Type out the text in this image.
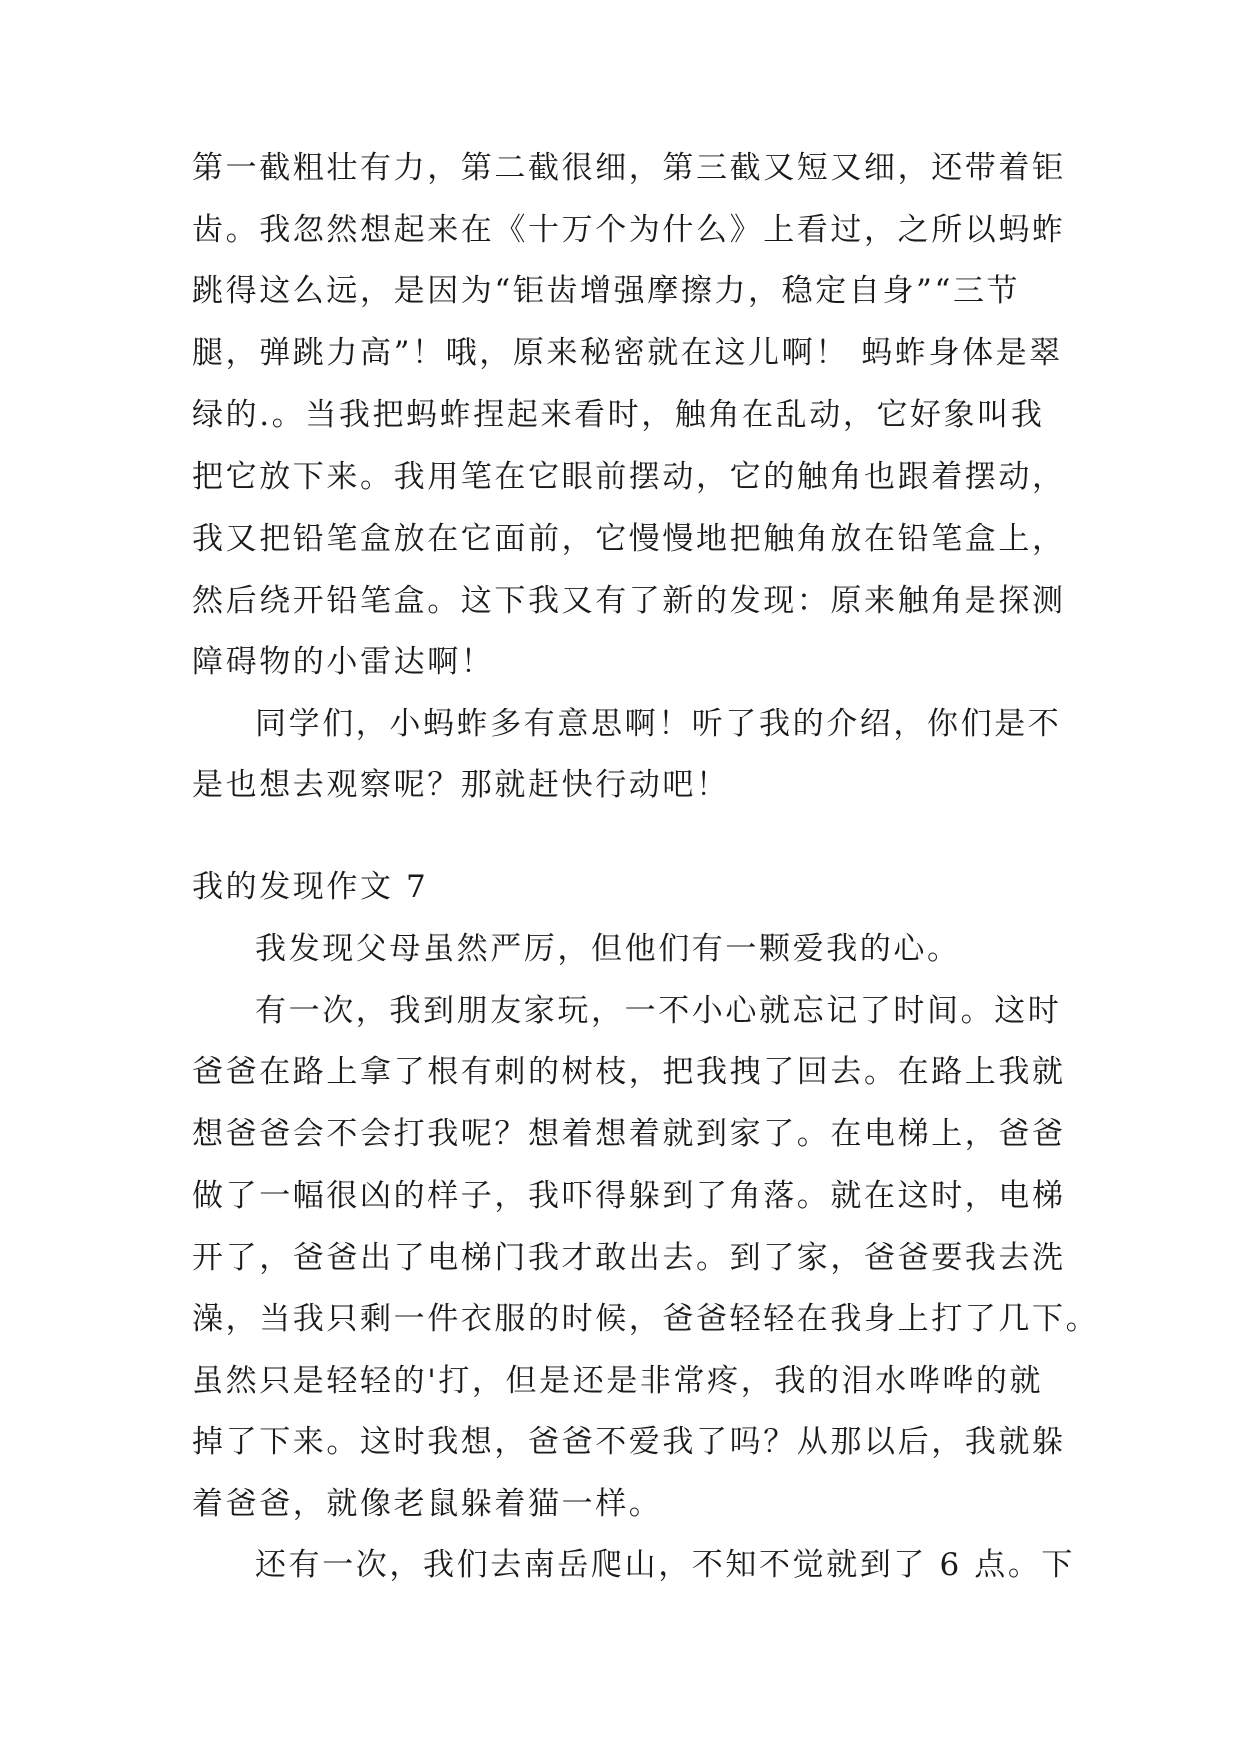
第一截粗壮有力，第二截很细，第三截又短又细，还带着钜
齿。我忽然想起来在《十万个为什么》上看过，之所以蚂蚱
跳得这么远，是因为“钜齿增强摩擦力，稳定自身”“三节
腿，弹跳力高”！哦，原来秘密就在这儿啊！ 蚂蚱身体是翠
绿的.。当我把蚂蚱捏起来看时，触角在乱动，它好象叫我
把它放下来。我用笔在它眼前摆动，它的触角也跟着摆动，
我又把铅笔盒放在它面前，它慢慢地把触角放在铅笔盒上，
然后绕开铅笔盒。这下我又有了新的发现：原来触角是探测
障碍物的小雷达啊！
同学们，小蚂蚱多有意思啊！听了我的介绍，你们是不
是也想去观察呢？那就赶快行动吧！
我的发现作文 7
我发现父母虽然严厉，但他们有一颗爱我的心。
有一次，我到朋友家玩，一不小心就忘记了时间。这时
爸爸在路上拿了根有刺的树枝，把我拽了回去。在路上我就
想爸爸会不会打我呢？想着想着就到家了。在电梯上，爸爸
做了一幅很凶的样子，我吓得躲到了角落。就在这时，电梯
开了，爸爸出了电梯门我才敢出去。到了家，爸爸要我去洗
澡，当我只剩一件衣服的时候，爸爸轻轻在我身上打了几下。
虽然只是轻轻的'打，但是还是非常疼，我的泪水哗哗的就
掉了下来。这时我想，爸爸不爱我了吗？从那以后，我就躲
着爸爸，就像老鼠躲着猫一样。
还有一次，我们去南岳爬山，不知不觉就到了 6 点。下
